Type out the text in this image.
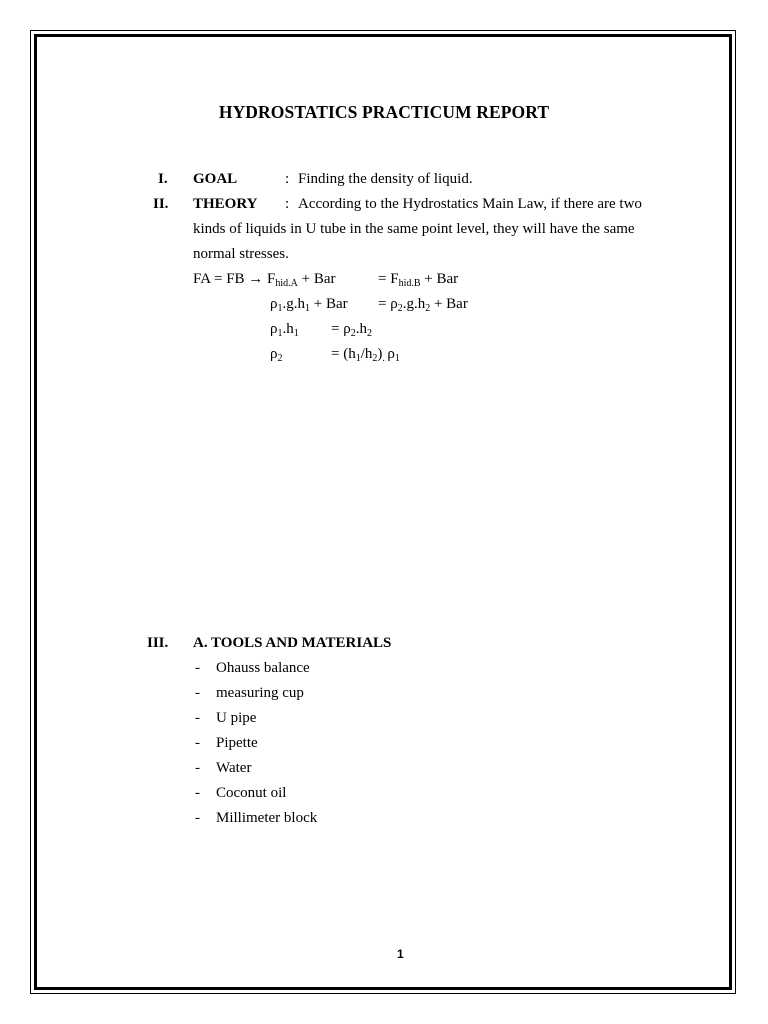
HYDROSTATICS PRACTICUM REPORT
I. GOAL	: Finding the density of liquid.
II. THEORY : According to the Hydrostatics Main Law, if there are two
kinds of liquids in U tube in the same point level, they will have the same
normal stresses.
FA = FB → $F_{hid.A}$ + Bar	= $F_{hid.B}$ + Bar
$\rho_1.g.h_1$ + Bar = $\rho_2.g.h_2$ + Bar
$\rho_1.h_1 = \rho_2.h_2$
$\rho_2$	= $(h_1/h_2)_.$ $\rho_1$
III. A. TOOLS AND MATERIALS
- Ohauss balance
- measuring cup
- U pipe
- Pipette
- Water
- Coconut oil
- Millimeter block
1
